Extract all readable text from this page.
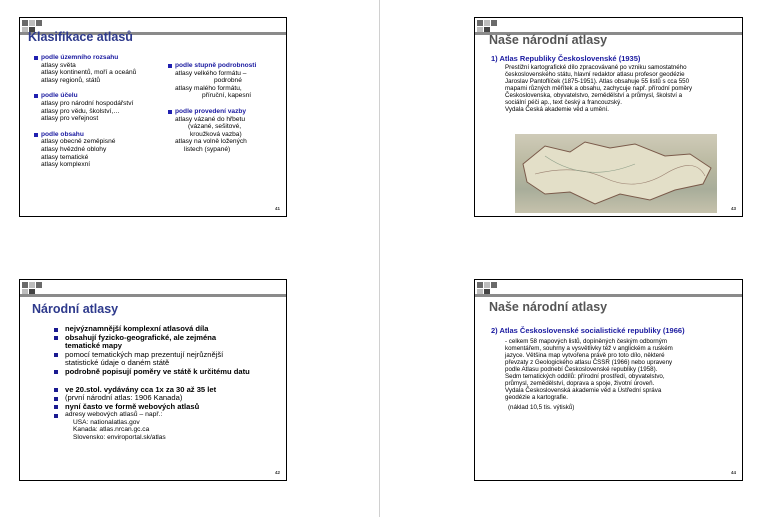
Klasifikace atlasů
podle územního rozsahu
atlasy světa
atlasy kontinentů, moří a oceánů
atlasy regionů, států
podle účelu
atlasy pro národní hospodářství
atlasy pro vědu, školství,…
atlasy pro veřejnost
podle obsahu
atlasy obecně zeměpisné
atlasy hvězdné oblohy
atlasy tematické
atlasy komplexní
podle stupně podrobnosti
atlasy velkého formátu –
podrobné
atlasy malého formátu,
příruční, kapesní
podle provedení vazby
atlasy vázané do hřbetu
(vázané, sešitové,
kroužková vazba)
atlasy na volně ložených
listech (sypané)
41
Naše národní atlasy
1) Atlas Republiky Československé (1935)
Prestižní kartografické dílo zpracovávané po vzniku samostatného
československého státu, hlavní redaktor atlasu profesor geodézie
Jaroslav Pantoflíček (1875-1951). Atlas obsahuje 55 listů s cca 550
mapami různých měřítek a obsahu, zachycuje např. přírodní poměry
Československa, obyvatelstvo, zemědělství a průmysl, školství a
sociální péči ap., text český a francouzský.
Vydala Česká akademie věd a umění.
43
Národní atlasy
nejvýznamnější komplexní atlasová díla
obsahují fyzicko-geografické, ale zejména
tematické mapy
pomocí tematických map prezentují nejrůznější
statistické údaje o daném státě
podrobně popisují poměry ve státě k určitému datu
ve 20.stol. vydávány cca 1x za 30 až 35 let
(první národní atlas: 1906 Kanada)
nyní často ve formě webových atlasů
adresy webových atlasů – např.:
USA: nationalatlas.gov
Kanada: atlas.nrcan.gc.ca
Slovensko: enviroportal.sk/atlas
42
Naše národní atlasy
2) Atlas Československé socialistické republiky (1966)
- celkem 58 mapových listů, dopíněných českým odborným
komentářem, souhrny a vysvětlivky též v anglickém a ruském
jazyce. Většina map vytvořena právě pro toto dílo, některé
převzaty z Geologického atlasu ČSSR (1966) nebo upraveny
podle Atlasu podnebí Československé republiky (1958).
Sedm tematických oddílů: přírodní prostředí, obyvatelstvo,
průmysl, zemědělství, doprava a spoje, životní úroveň.
Vydala Československá akademie věd a Ústřední správa
geodézie a kartografie.
(náklad 10,5 tis. výtisků)
44
